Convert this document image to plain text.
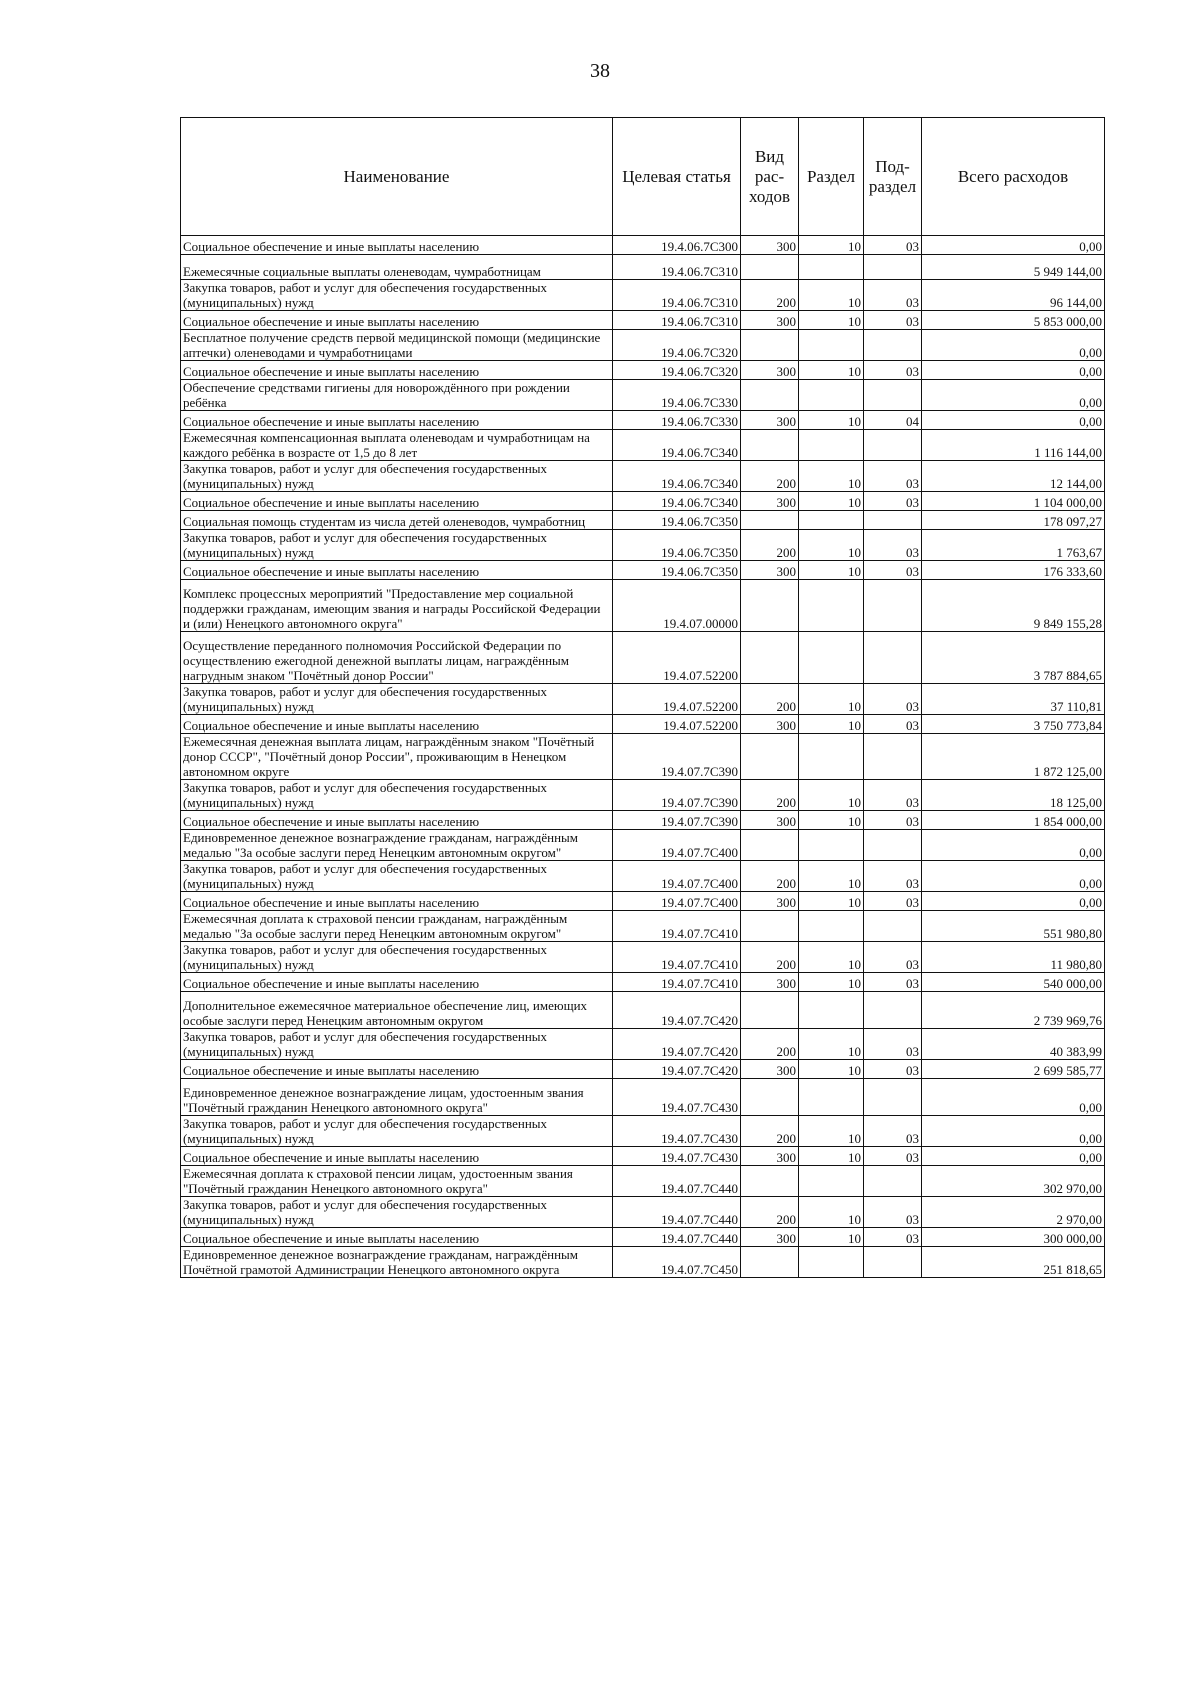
38
Наименование	Целевая статья	Вид рас-ходов	Раздел	Под-раздел	Всего расходов
Социальное обеспечение и иные выплаты населению	19.4.06.7С300	300	10	03	0,00
Ежемесячные социальные выплаты оленеводам, чумработницам	19.4.06.7С310				5 949 144,00
Закупка товаров, работ и услуг для обеспечения государственных (муниципальных) нужд	19.4.06.7С310	200	10	03	96 144,00
Социальное обеспечение и иные выплаты населению	19.4.06.7С310	300	10	03	5 853 000,00
Бесплатное получение средств первой медицинской помощи (медицинские аптечки) оленеводами и чумработницами	19.4.06.7С320				0,00
Социальное обеспечение и иные выплаты населению	19.4.06.7С320	300	10	03	0,00
Обеспечение средствами гигиены для новорождённого при рождении ребёнка	19.4.06.7С330				0,00
Социальное обеспечение и иные выплаты населению	19.4.06.7С330	300	10	04	0,00
Ежемесячная компенсационная выплата оленеводам и чумработницам на каждого ребёнка в возрасте от 1,5 до 8 лет	19.4.06.7С340				1 116 144,00
Закупка товаров, работ и услуг для обеспечения государственных (муниципальных) нужд	19.4.06.7С340	200	10	03	12 144,00
Социальное обеспечение и иные выплаты населению	19.4.06.7С340	300	10	03	1 104 000,00
Социальная помощь студентам из числа детей оленеводов, чумработниц	19.4.06.7С350				178 097,27
Закупка товаров, работ и услуг для обеспечения государственных (муниципальных) нужд	19.4.06.7С350	200	10	03	1 763,67
Социальное обеспечение и иные выплаты населению	19.4.06.7С350	300	10	03	176 333,60
Комплекс процессных мероприятий "Предоставление мер социальной поддержки гражданам, имеющим звания и награды Российской Федерации и (или) Ненецкого автономного округа"	19.4.07.00000				9 849 155,28
Осуществление переданного полномочия Российской Федерации по осуществлению ежегодной денежной выплаты лицам, награждённым нагрудным знаком "Почётный донор России"	19.4.07.52200				3 787 884,65
Закупка товаров, работ и услуг для обеспечения государственных (муниципальных) нужд	19.4.07.52200	200	10	03	37 110,81
Социальное обеспечение и иные выплаты населению	19.4.07.52200	300	10	03	3 750 773,84
Ежемесячная денежная выплата лицам, награждённым знаком "Почётный донор СССР", "Почётный донор России", проживающим в Ненецком автономном округе	19.4.07.7С390				1 872 125,00
Закупка товаров, работ и услуг для обеспечения государственных (муниципальных) нужд	19.4.07.7С390	200	10	03	18 125,00
Социальное обеспечение и иные выплаты населению	19.4.07.7С390	300	10	03	1 854 000,00
Единовременное денежное вознаграждение гражданам, награждённым медалью "За особые заслуги перед Ненецким автономным округом"	19.4.07.7С400				0,00
Закупка товаров, работ и услуг для обеспечения государственных (муниципальных) нужд	19.4.07.7С400	200	10	03	0,00
Социальное обеспечение и иные выплаты населению	19.4.07.7С400	300	10	03	0,00
Ежемесячная доплата к страховой пенсии гражданам, награждённым медалью "За особые заслуги перед Ненецким автономным округом"	19.4.07.7С410				551 980,80
Закупка товаров, работ и услуг для обеспечения государственных (муниципальных) нужд	19.4.07.7С410	200	10	03	11 980,80
Социальное обеспечение и иные выплаты населению	19.4.07.7С410	300	10	03	540 000,00
Дополнительное ежемесячное материальное обеспечение лиц, имеющих особые заслуги перед Ненецким автономным округом	19.4.07.7С420				2 739 969,76
Закупка товаров, работ и услуг для обеспечения государственных (муниципальных) нужд	19.4.07.7С420	200	10	03	40 383,99
Социальное обеспечение и иные выплаты населению	19.4.07.7С420	300	10	03	2 699 585,77
Единовременное денежное вознаграждение лицам, удостоенным звания "Почётный гражданин Ненецкого автономного округа"	19.4.07.7С430				0,00
Закупка товаров, работ и услуг для обеспечения государственных (муниципальных) нужд	19.4.07.7С430	200	10	03	0,00
Социальное обеспечение и иные выплаты населению	19.4.07.7С430	300	10	03	0,00
Ежемесячная доплата к страховой пенсии лицам, удостоенным звания "Почётный гражданин Ненецкого автономного округа"	19.4.07.7С440				302 970,00
Закупка товаров, работ и услуг для обеспечения государственных (муниципальных) нужд	19.4.07.7С440	200	10	03	2 970,00
Социальное обеспечение и иные выплаты населению	19.4.07.7С440	300	10	03	300 000,00
Единовременное денежное вознаграждение гражданам, награждённым Почётной грамотой Администрации Ненецкого автономного округа	19.4.07.7С450				251 818,65
